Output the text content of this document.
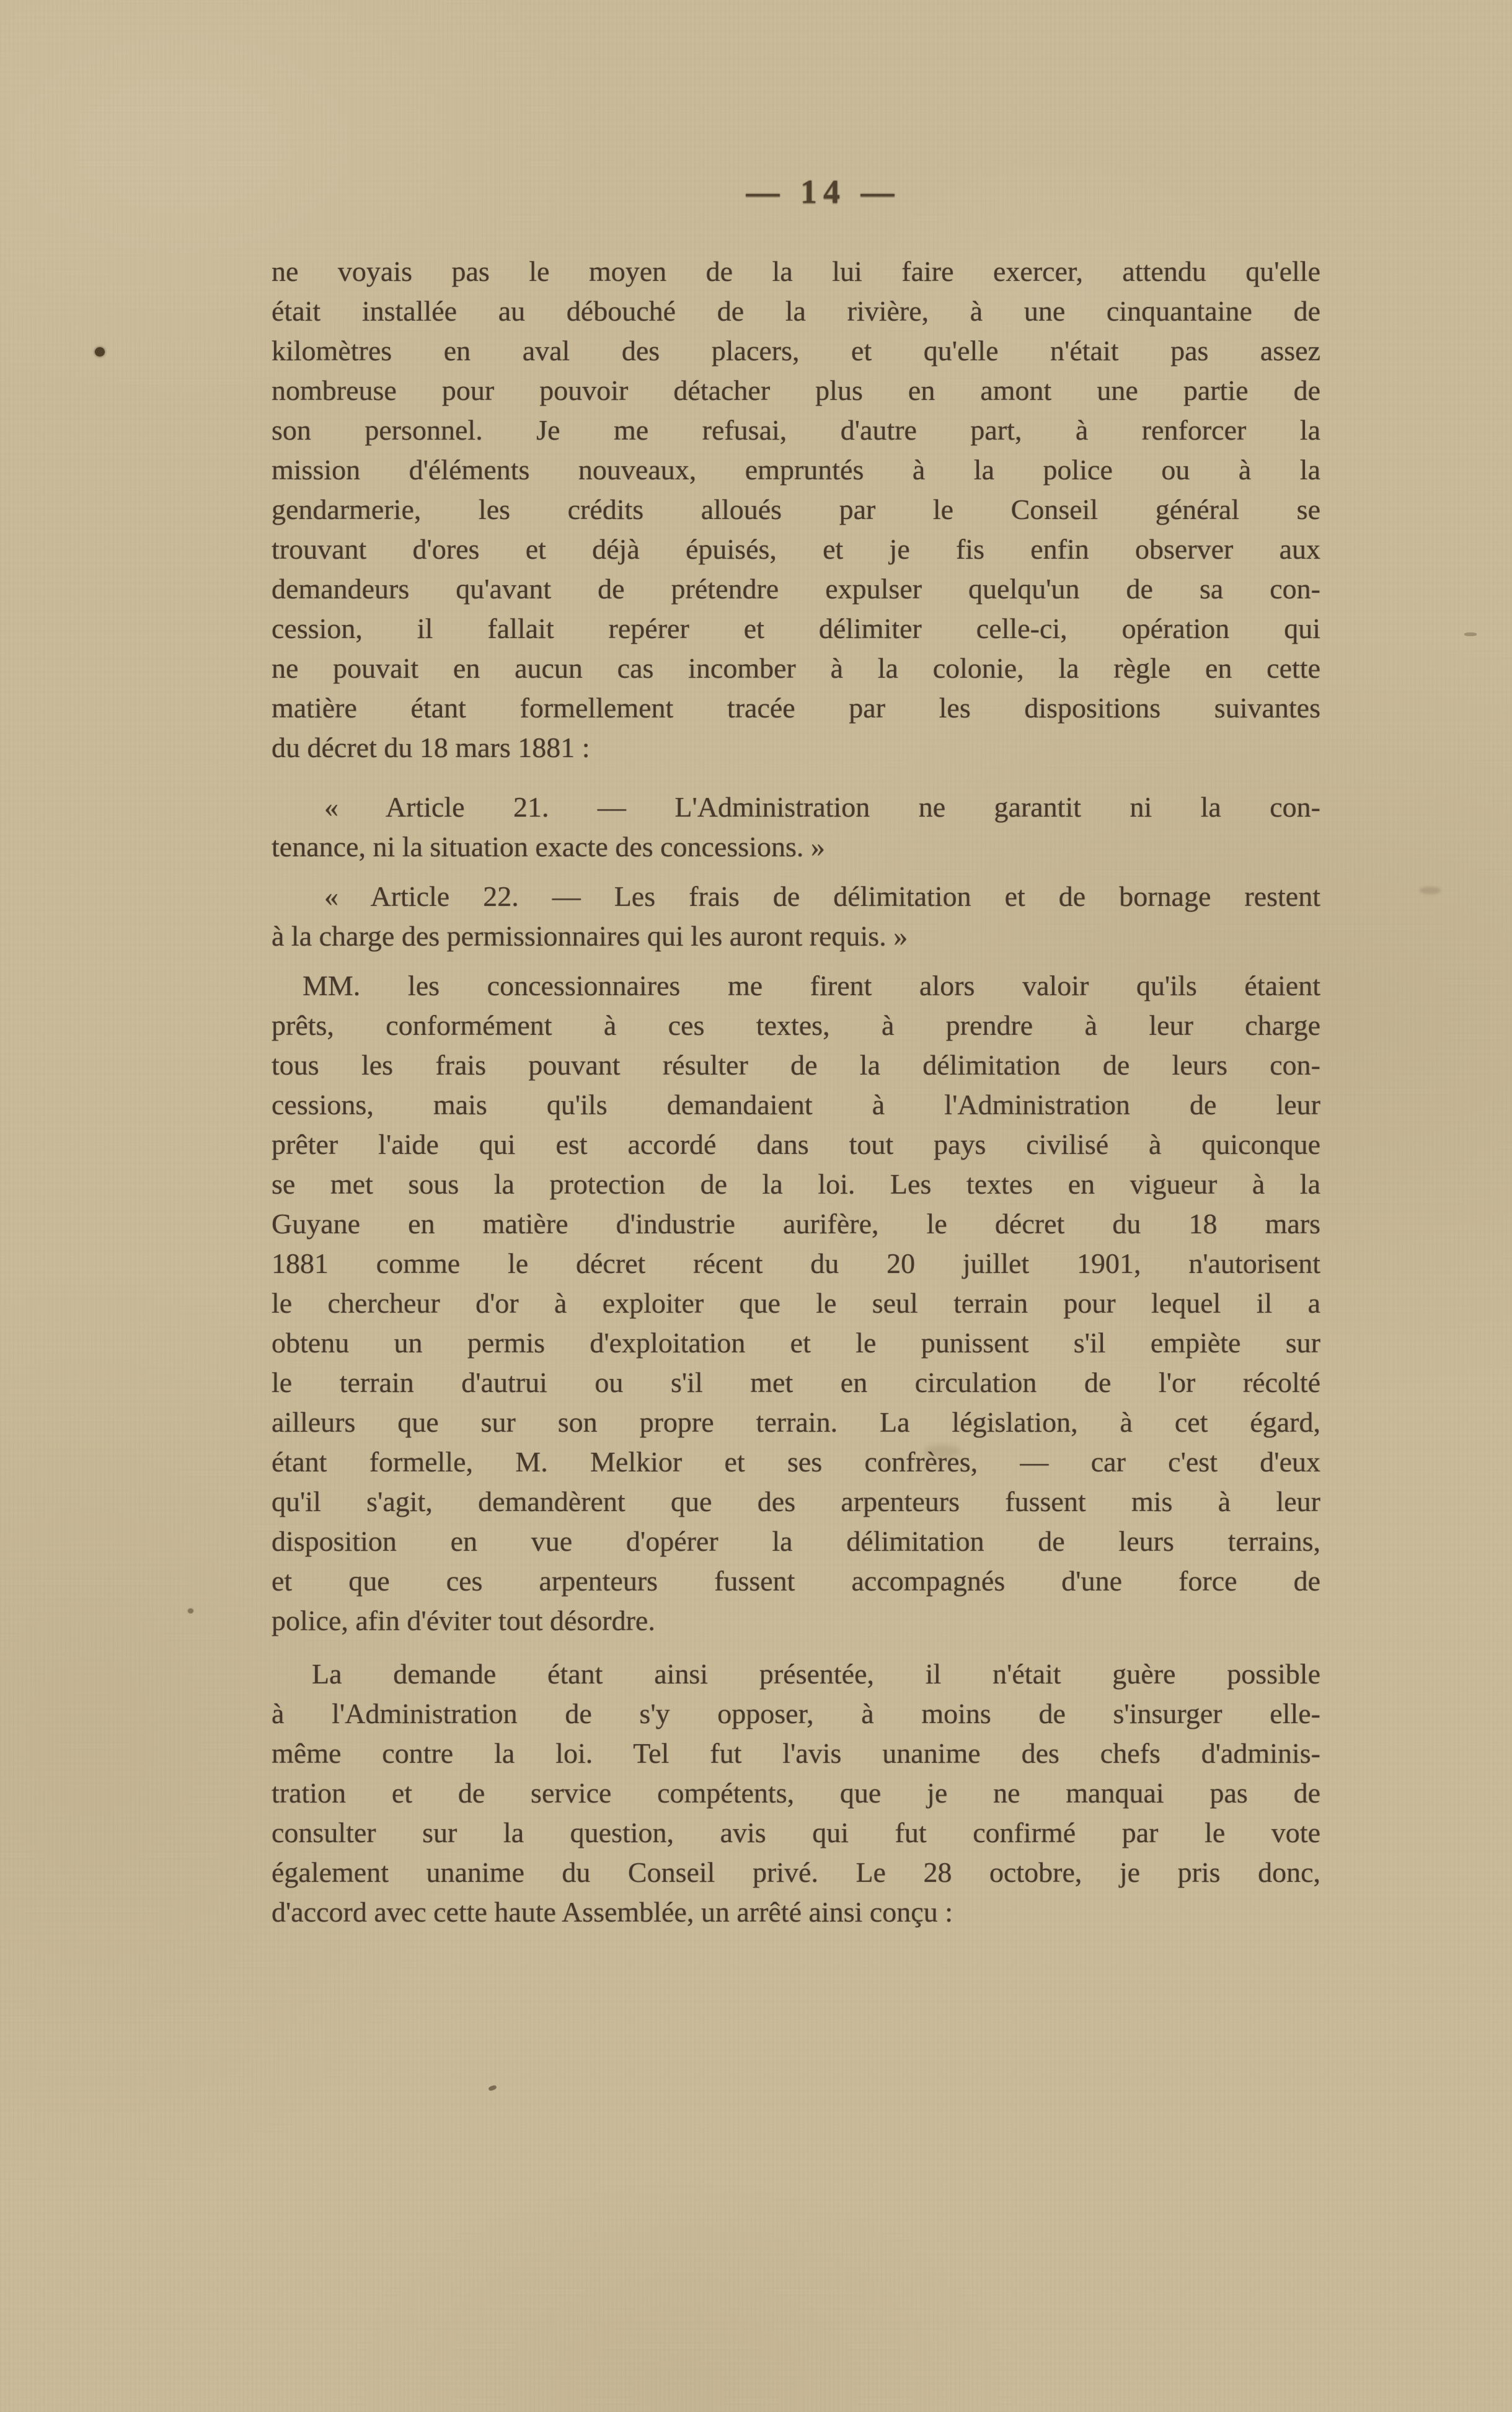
— 14 —
ne voyais pas le moyen de la lui faire exercer, attendu qu'elle
était installée au débouché de la rivière, à une cinquantaine de
kilomètres en aval des placers, et qu'elle n'était pas assez
nombreuse pour pouvoir détacher plus en amont une partie de
son personnel. Je me refusai, d'autre part, à renforcer la
mission d'éléments nouveaux, empruntés à la police ou à la
gendarmerie, les crédits alloués par le Conseil général se
trouvant d'ores et déjà épuisés, et je fis enfin observer aux
demandeurs qu'avant de prétendre expulser quelqu'un de sa con-
cession, il fallait repérer et délimiter celle-ci, opération qui
ne pouvait en aucun cas incomber à la colonie, la règle en cette
matière étant formellement tracée par les dispositions suivantes
du décret du 18 mars 1881 :
« Article 21. — L'Administration ne garantit ni la con-
tenance, ni la situation exacte des concessions. »
« Article 22. — Les frais de délimitation et de bornage restent
à la charge des permissionnaires qui les auront requis. »
MM. les concessionnaires me firent alors valoir qu'ils étaient
prêts, conformément à ces textes, à prendre à leur charge
tous les frais pouvant résulter de la délimitation de leurs con-
cessions, mais qu'ils demandaient à l'Administration de leur
prêter l'aide qui est accordé dans tout pays civilisé à quiconque
se met sous la protection de la loi. Les textes en vigueur à la
Guyane en matière d'industrie aurifère, le décret du 18 mars
1881 comme le décret récent du 20 juillet 1901, n'autorisent
le chercheur d'or à exploiter que le seul terrain pour lequel il a
obtenu un permis d'exploitation et le punissent s'il empiète sur
le terrain d'autrui ou s'il met en circulation de l'or récolté
ailleurs que sur son propre terrain. La législation, à cet égard,
étant formelle, M. Melkior et ses confrères, — car c'est d'eux
qu'il s'agit, demandèrent que des arpenteurs fussent mis à leur
disposition en vue d'opérer la délimitation de leurs terrains,
et que ces arpenteurs fussent accompagnés d'une force de
police, afin d'éviter tout désordre.
La demande étant ainsi présentée, il n'était guère possible
à l'Administration de s'y opposer, à moins de s'insurger elle-
même contre la loi. Tel fut l'avis unanime des chefs d'adminis-
tration et de service compétents, que je ne manquai pas de
consulter sur la question, avis qui fut confirmé par le vote
également unanime du Conseil privé. Le 28 octobre, je pris donc,
d'accord avec cette haute Assemblée, un arrêté ainsi conçu :
